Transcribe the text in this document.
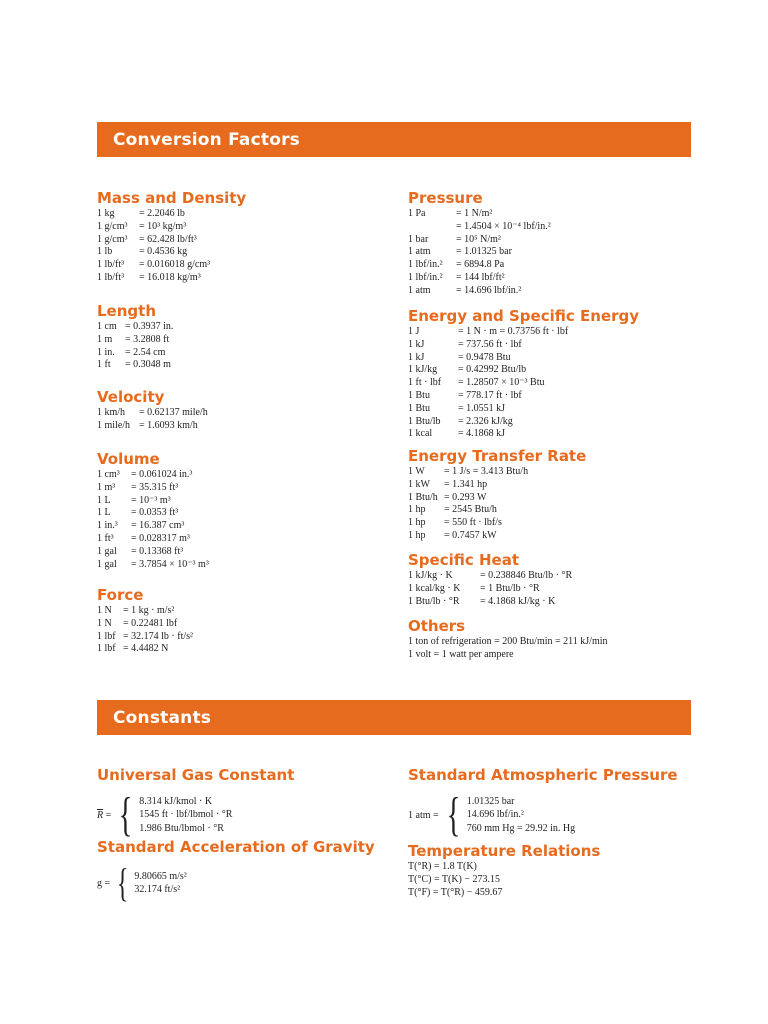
Conversion Factors
Constants
Mass and Density
1 kg	= 2.2046 lb
1 g/cm³	= 10³ kg/m³
1 g/cm³	= 62.428 lb/ft³
1 lb	= 0.4536 kg
1 lb/ft³	= 0.016018 g/cm³
1 lb/ft³	= 16.018 kg/m³
Length
1 cm = 0.3937 in.
1 m	= 3.2808 ft
1 in.	= 2.54 cm
1 ft	= 0.3048 m
Velocity
1 km/h	= 0.62137 mile/h
1 mile/h = 1.6093 km/h
Volume
1 cm³	= 0.061024 in.³
1 m³	= 35.315 ft³
1 L	= 10⁻³ m³
1 L	= 0.0353 ft³
1 in.³	= 16.387 cm³
1 ft³	= 0.028317 m³
1 gal	= 0.13368 ft³
1 gal	= 3.7854 × 10⁻³ m³
Force
1 N	= 1 kg · m/s²
1 N	= 0.22481 lbf
1 lbf = 32.174 lb · ft/s²
1 lbf = 4.4482 N
Pressure
1 Pa	= 1 N/m²
= 1.4504 × 10⁻⁴ lbf/in.²
1 bar	= 10⁵ N/m²
1 atm	= 1.01325 bar
1 lbf/in.²	= 6894.8 Pa
1 lbf/in.²	= 144 lbf/ft²
1 atm	= 14.696 lbf/in.²
Energy and Specific Energy
1 J	= 1 N · m = 0.73756 ft · lbf
1 kJ	= 737.56 ft · lbf
1 kJ	= 0.9478 Btu
1 kJ/kg	= 0.42992 Btu/lb
1 ft · lbf	= 1.28507 × 10⁻³ Btu
1 Btu	= 778.17 ft · lbf
1 Btu	= 1.0551 kJ
1 Btu/lb	= 2.326 kJ/kg
1 kcal	= 4.1868 kJ
Energy Transfer Rate
1 W	= 1 J/s = 3.413 Btu/h
1 kW	= 1.341 hp
1 Btu/h = 0.293 W
1 hp	= 2545 Btu/h
1 hp	= 550 ft · lbf/s
1 hp	= 0.7457 kW
Specific Heat
1 kJ/kg · K	= 0.238846 Btu/lb · °R
1 kcal/kg · K	= 1 Btu/lb · °R
1 Btu/lb · °R	= 4.1868 kJ/kg · K
Others
1 ton of refrigeration = 200 Btu/min = 211 kJ/min
1 volt = 1 watt per ampere
Universal Gas Constant
$\overline{R}$ = { 8.314 kJ/kmol · K
1545 ft · lbf/lbmol · °R
1.986 Btu/lbmol · °R
Standard Acceleration of Gravity
g = { 9.80665 m/s²
32.174 ft/s²
Standard Atmospheric Pressure
1 atm = { 1.01325 bar
14.696 lbf/in.²
760 mm Hg = 29.92 in. Hg
Temperature Relations
T(°R) = 1.8 T(K)
T(°C) = T(K) − 273.15
T(°F) = T(°R) − 459.67
